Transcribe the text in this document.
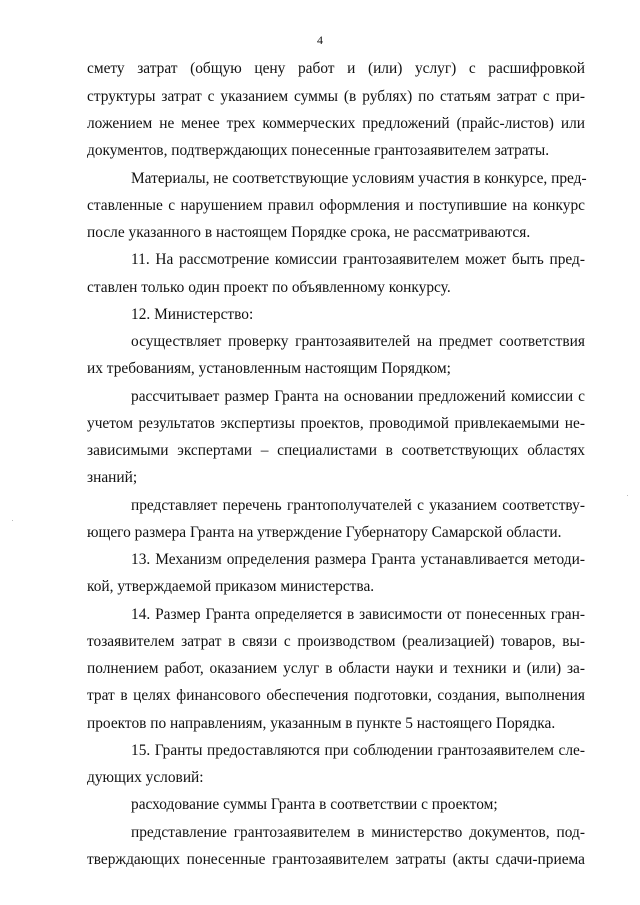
4

смету затрат (общую цену работ и (или) услуг) с расшифровкой

структуры затрат с указанием суммы (в рублях) по статьям затрат с при-

ложением не менее трех коммерческих предложений (прайс-листов) или

документов, подтверждающих понесенные грантозаявителем затраты.

Материалы, не соответствующие условиям участия в конкурсе, пред-

ставленные с нарушением правил оформления и поступившие на конкурс

после указанного в настоящем Порядке срока, не рассматриваются.

11. На рассмотрение комиссии грантозаявителем может быть пред-

ставлен только один проект по объявленному конкурсу.

12. Министерство:

осуществляет проверку грантозаявителей на предмет соответствия

их требованиям, установленным настоящим Порядком;

рассчитывает размер Гранта на основании предложений комиссии с

учетом результатов экспертизы проектов, проводимой привлекаемыми не-

зависимыми экспертами – специалистами в соответствующих областях

знаний;

представляет перечень грантополучателей с указанием соответству-

ющего размера Гранта на утверждение Губернатору Самарской области.

13. Механизм определения размера Гранта устанавливается методи-

кой, утверждаемой приказом министерства.

14. Размер Гранта определяется в зависимости от понесенных гран-

тозаявителем затрат в связи с производством (реализацией) товаров, вы-

полнением работ, оказанием услуг в области науки и техники и (или) за-

трат в целях финансового обеспечения подготовки, создания, выполнения

проектов по направлениям, указанным в пункте 5 настоящего Порядка.

15. Гранты предоставляются при соблюдении грантозаявителем сле-

дующих условий:

расходование суммы Гранта в соответствии с проектом;

представление грантозаявителем в министерство документов, под-

тверждающих понесенные грантозаявителем затраты (акты сдачи-приема
